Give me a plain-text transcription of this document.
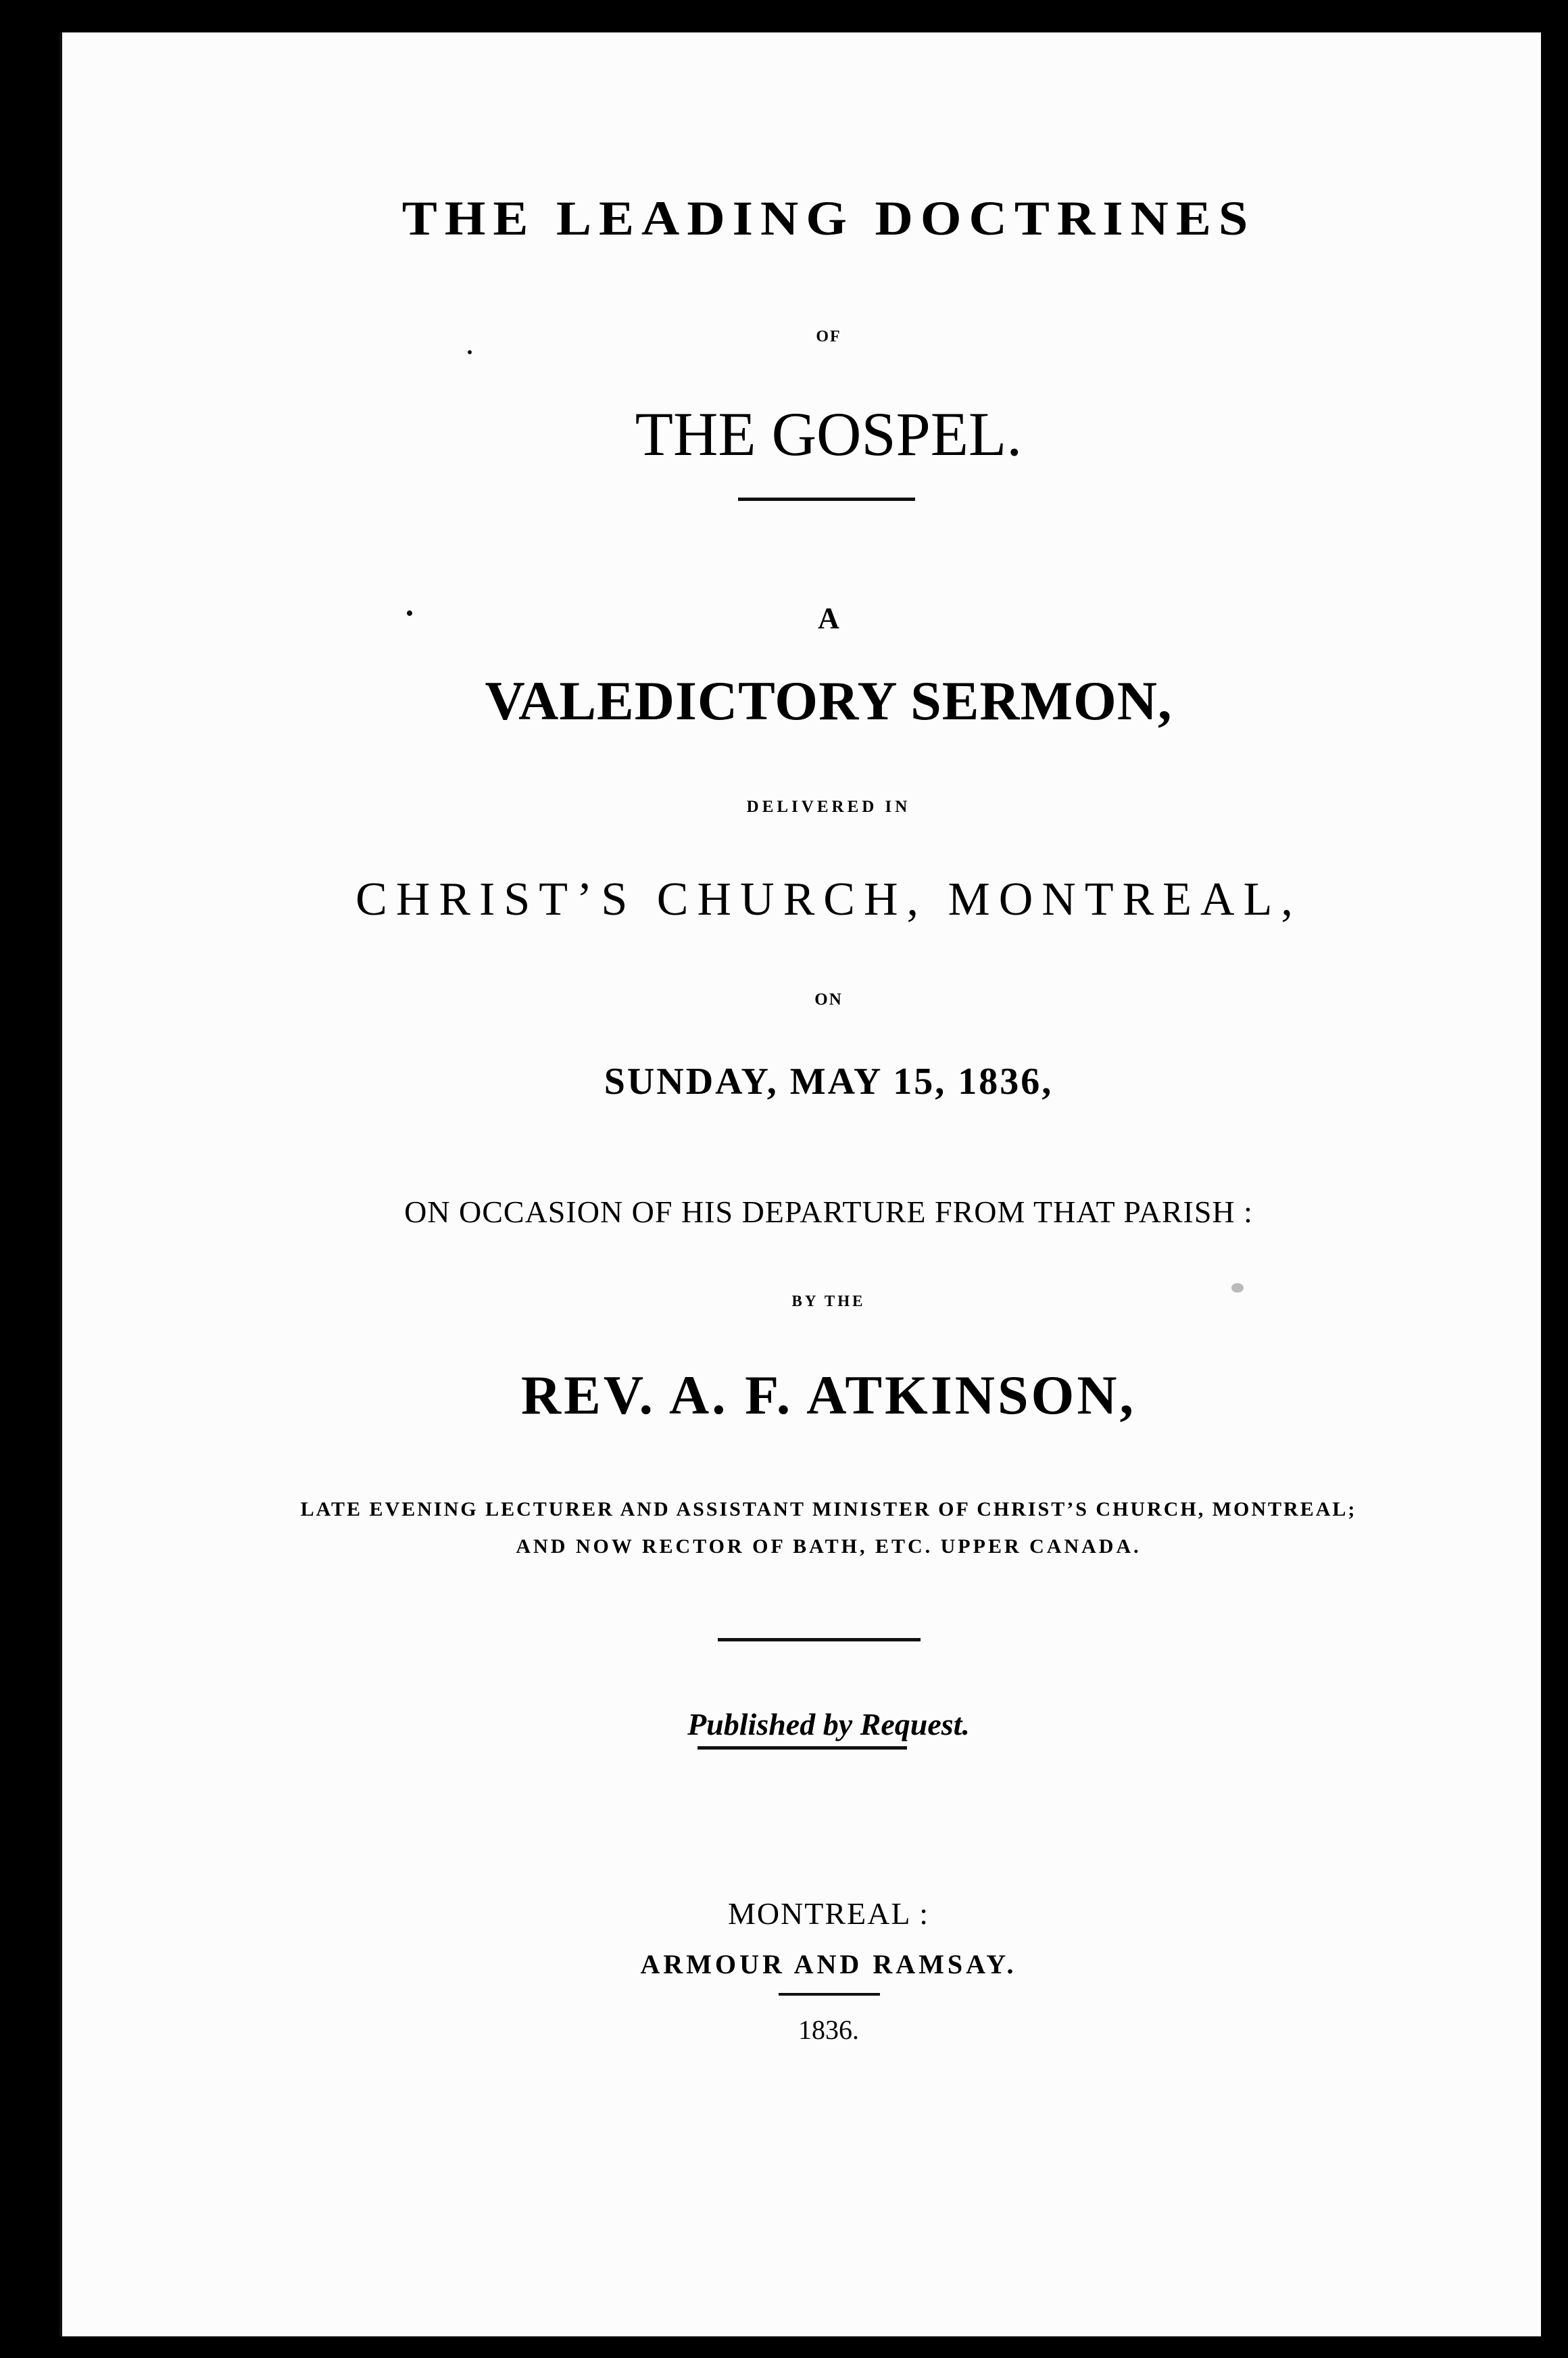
THE LEADING DOCTRINES
OF
THE GOSPEL.
A
VALEDICTORY SERMON,
DELIVERED IN
CHRIST’S CHURCH, MONTREAL,
ON
SUNDAY, MAY 15, 1836,
ON OCCASION OF HIS DEPARTURE FROM THAT PARISH :
BY THE
REV. A. F. ATKINSON,
LATE EVENING LECTURER AND ASSISTANT MINISTER OF CHRIST’S CHURCH, MONTREAL;
AND NOW RECTOR OF BATH, ETC. UPPER CANADA.
Published by Request.
MONTREAL :
ARMOUR AND RAMSAY.
1836.
